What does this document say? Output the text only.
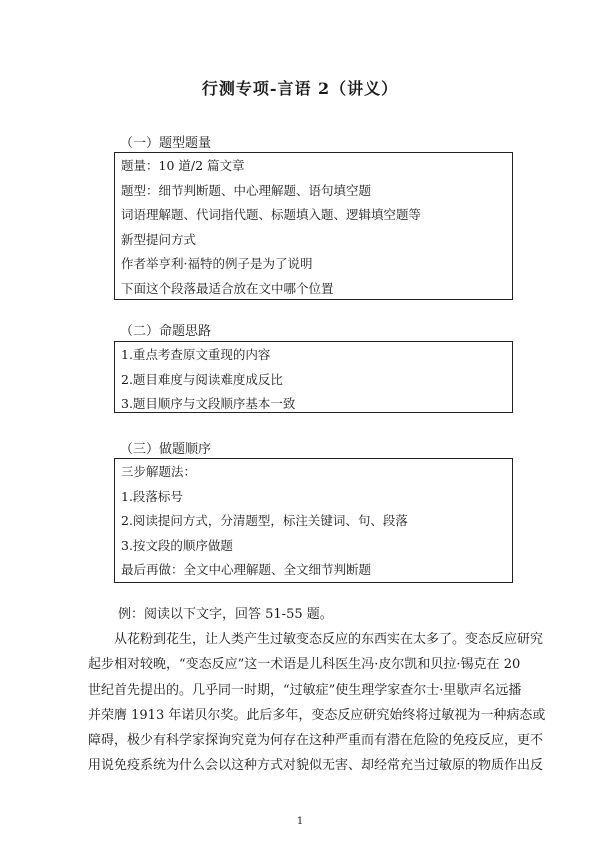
行测专项-言语 2（讲义）
（一）题型题量
题量：10 道/2 篇文章
题型：细节判断题、中心理解题、语句填空题
词语理解题、代词指代题、标题填入题、逻辑填空题等
新型提问方式
作者举亨利·福特的例子是为了说明
下面这个段落最适合放在文中哪个位置
（二）命题思路
1.重点考查原文重现的内容
2.题目难度与阅读难度成反比
3.题目顺序与文段顺序基本一致
（三）做题顺序
三步解题法：
1.段落标号
2.阅读提问方式，分清题型，标注关键词、句、段落
3.按文段的顺序做题
最后再做：全文中心理解题、全文细节判断题
例：阅读以下文字，回答 51-55 题。
从花粉到花生，让人类产生过敏变态反应的东西实在太多了。变态反应研究
起步相对较晚，“变态反应”这一术语是儿科医生冯·皮尔凯和贝拉·锡克在 20
世纪首先提出的。几乎同一时期，“过敏症”使生理学家查尔士·里歇声名远播
并荣膺 1913 年诺贝尔奖。此后多年，变态反应研究始终将过敏视为一种病态或
障碍，极少有科学家探询究竟为何存在这种严重而有潜在危险的免疫反应，更不
用说免疫系统为什么会以这种方式对貌似无害、却经常充当过敏原的物质作出反
1
